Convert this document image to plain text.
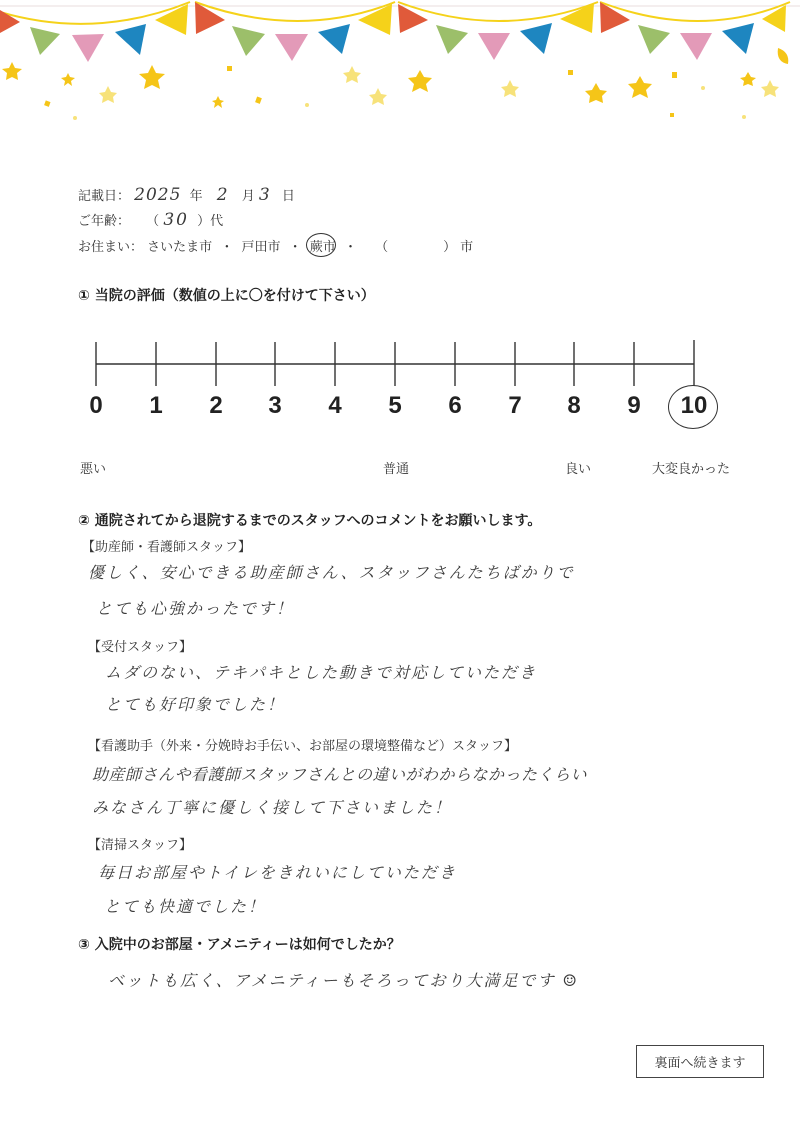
記載日： 2025 年 2 月 3 日
ご年齢： （ 30 ）代
お住まい： さいたま市 ・ 戸田市 ・ 蕨市 ・ （　　　）市
① 当院の評価（数値の上に〇を付けて下さい）
0	1	2	3	4	5	6	7	8	9	10
悪い	普通	良い	大変良かった
② 通院されてから退院するまでのスタッフへのコメントをお願いします。
【助産師・看護師スタッフ】
優しく、安心できる助産師さん、スタッフさんたちばかりで
とても心強かったです！
【受付スタッフ】
ムダのない、テキパキとした動きで対応していただき
とても好印象でした！
【看護助手（外来・分娩時お手伝い、お部屋の環境整備など）スタッフ】
助産師さんや看護師スタッフさんとの違いがわからなかったくらい
みなさん丁寧に優しく接して下さいました！
【清掃スタッフ】
毎日お部屋やトイレをきれいにしていただき
とても快適でした！
③ 入院中のお部屋・アメニティーは如何でしたか？
ベットも広く、アメニティーもそろっており大満足です ☺
裏面へ続きます
